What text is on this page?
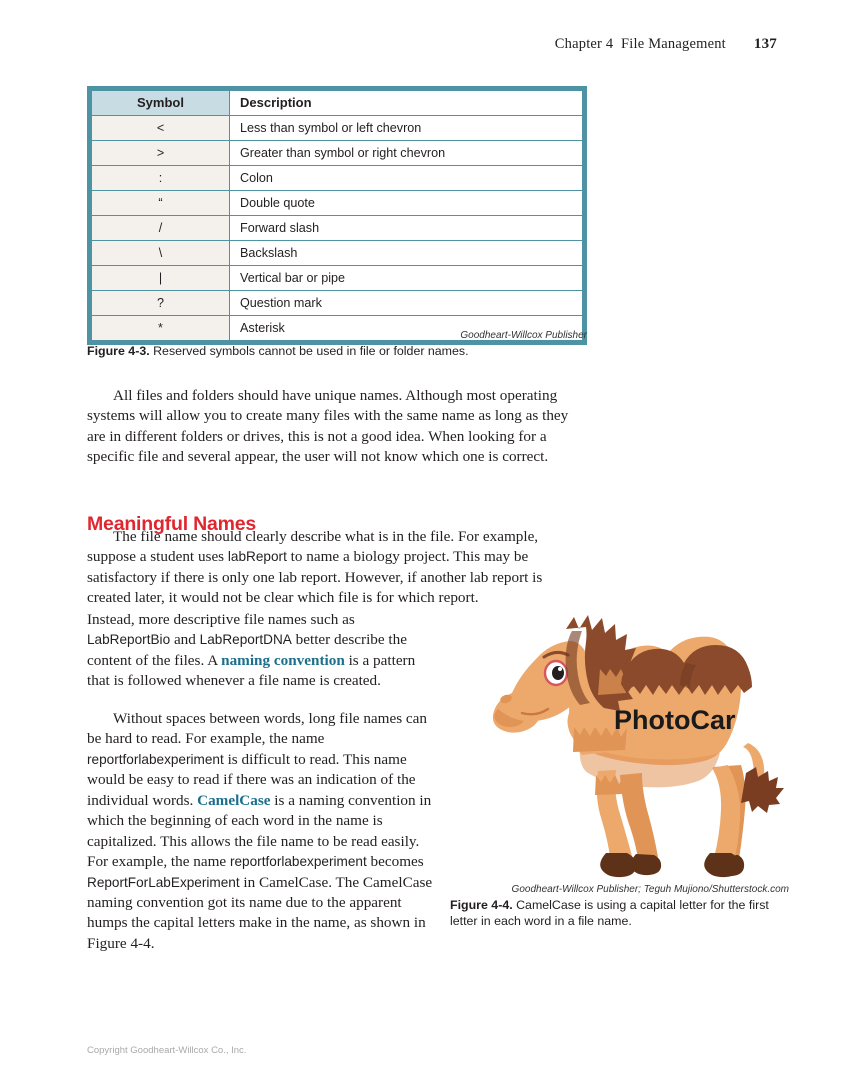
Chapter 4  File Management 137
Symbol	Description
<	Less than symbol or left chevron
>	Greater than symbol or right chevron
:	Colon
“	Double quote
/	Forward slash
\	Backslash
|	Vertical bar or pipe
?	Question mark
*	Asterisk
Goodheart-Willcox Publisher
Figure 4-3. Reserved symbols cannot be used in file or folder names.

All files and folders should have unique names. Although most operating systems will allow you to create many files with the same name as long as they are in different folders or drives, this is not a good idea. When looking for a specific file and several appear, the user will not know which one is correct.

Meaningful Names

The file name should clearly describe what is in the file. For example, suppose a student uses labReport to name a biology project. This may be satisfactory if there is only one lab report. However, if another lab report is created later, it would not be clear which file is for which report.

Instead, more descriptive file names such as LabReportBio and LabReportDNA better describe the content of the files. A naming convention is a pattern that is followed whenever a file name is created.

Without spaces between words, long file names can be hard to read. For example, the name reportforlabexperiment is difficult to read. This name would be easy to read if there was an indication of the individual words. CamelCase is a naming convention in which the beginning of each word in the name is capitalized. This allows the file name to be read easily. For example, the name reportforlabexperiment becomes ReportForLabExperiment in CamelCase. The CamelCase naming convention got its name due to the apparent humps the capital letters make in the name, as shown in Figure 4-4.

PhotoCar
Goodheart-Willcox Publisher; Teguh Mujiono/Shutterstock.com
Figure 4-4. CamelCase is using a capital letter for the first letter in each word in a file name.
Copyright Goodheart-Willcox Co., Inc.
